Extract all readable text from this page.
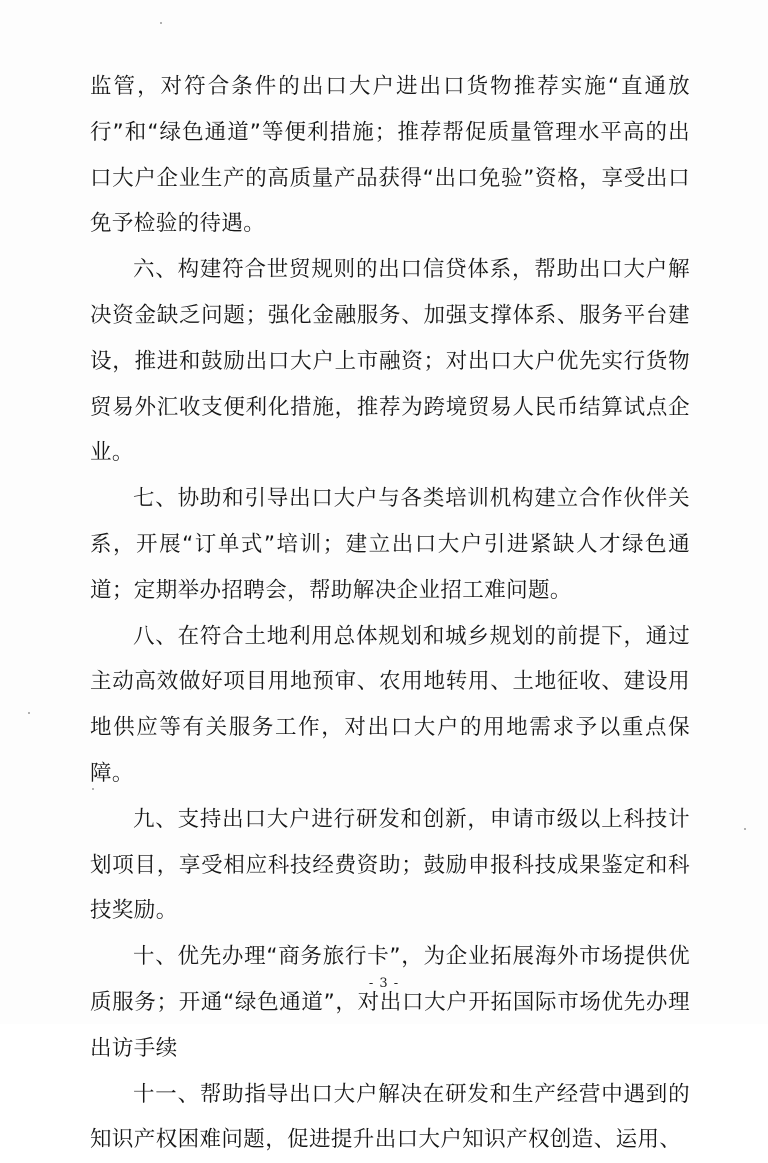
监管，对符合条件的出口大户进出口货物推荐实施“直通放行”和“绿色通道”等便利措施；推荐帮促质量管理水平高的出口大户企业生产的高质量产品获得“出口免验”资格，享受出口免予检验的待遇。

六、构建符合世贸规则的出口信贷体系，帮助出口大户解决资金缺乏问题；强化金融服务、加强支撑体系、服务平台建设，推进和鼓励出口大户上市融资；对出口大户优先实行货物贸易外汇收支便利化措施，推荐为跨境贸易人民币结算试点企业。

七、协助和引导出口大户与各类培训机构建立合作伙伴关系，开展“订单式”培训；建立出口大户引进紧缺人才绿色通道；定期举办招聘会，帮助解决企业招工难问题。

八、在符合土地利用总体规划和城乡规划的前提下，通过主动高效做好项目用地预审、农用地转用、土地征收、建设用地供应等有关服务工作，对出口大户的用地需求予以重点保障。

九、支持出口大户进行研发和创新，申请市级以上科技计划项目，享受相应科技经费资助；鼓励申报科技成果鉴定和科技奖励。

十、优先办理“商务旅行卡”，为企业拓展海外市场提供优质服务；开通“绿色通道”，对出口大户开拓国际市场优先办理出访手续

十一、帮助指导出口大户解决在研发和生产经营中遇到的知识产权困难问题，促进提升出口大户知识产权创造、运用、

- 3 -
